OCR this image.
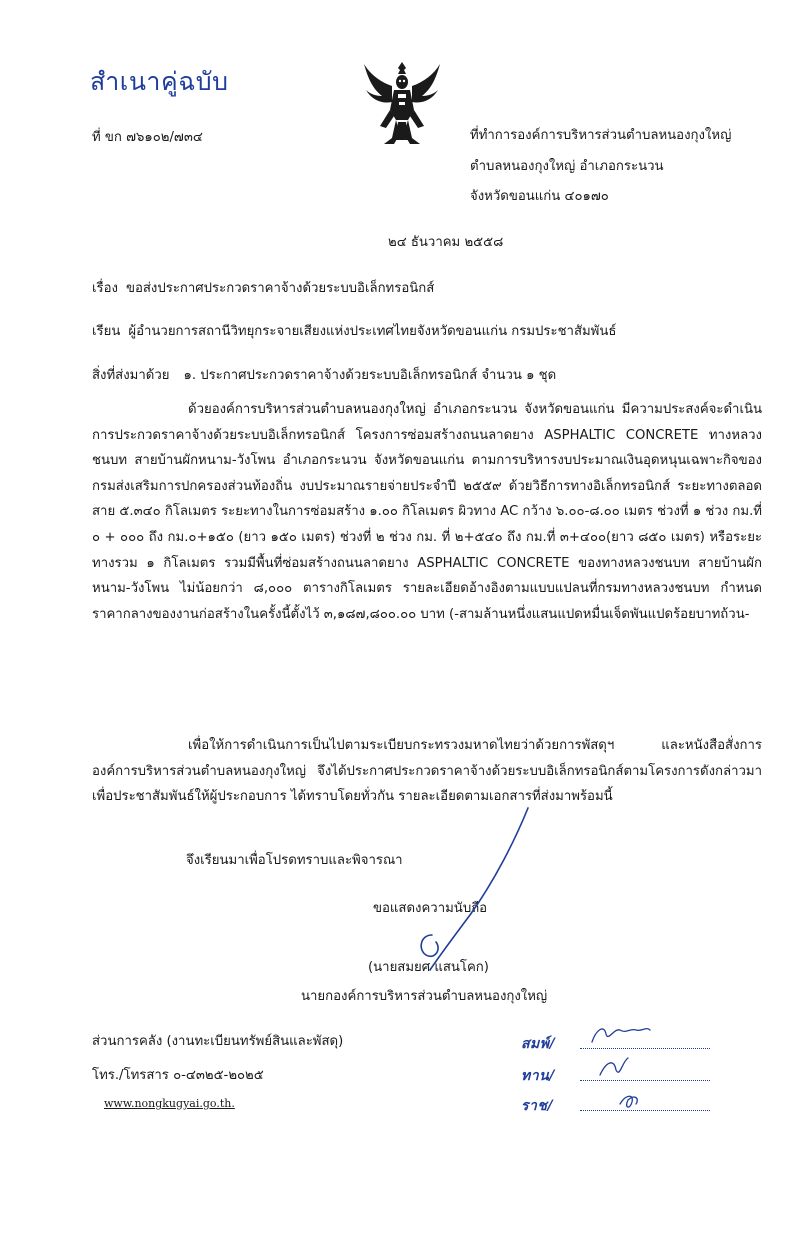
สำเนาคู่ฉบับ
ที่ ขก ๗๖๑๐๒/๗๓๔	ที่ทำการองค์การบริหารส่วนตำบลหนองกุงใหญ่
ตำบลหนองกุงใหญ่ อำเภอกระนวน
จังหวัดขอนแก่น ๔๐๑๗๐
๒๔ ธันวาคม ๒๕๕๘
เรื่อง ขอส่งประกาศประกวดราคาจ้างด้วยระบบอิเล็กทรอนิกส์
เรียน ผู้อำนวยการสถานีวิทยุกระจายเสียงแห่งประเทศไทยจังหวัดขอนแก่น กรมประชาสัมพันธ์
สิ่งที่ส่งมาด้วย ๑. ประกาศประกวดราคาจ้างด้วยระบบอิเล็กทรอนิกส์ จำนวน ๑ ชุด

ด้วยองค์การบริหารส่วนตำบลหนองกุงใหญ่ อำเภอกระนวน จังหวัดขอนแก่น มีความประสงค์จะดำเนินการประกวดราคาจ้างด้วยระบบอิเล็กทรอนิกส์ โครงการซ่อมสร้างถนนลาดยาง ASPHALTIC CONCRETE ทางหลวงชนบท สายบ้านผักหนาม-วังโพน อำเภอกระนวน จังหวัดขอนแก่น ตามการบริหารงบประมาณเงินอุดหนุนเฉพาะกิจของกรมส่งเสริมการปกครองส่วนท้องถิ่น งบประมาณรายจ่ายประจำปี ๒๕๕๙ ด้วยวิธีการทางอิเล็กทรอนิกส์ ระยะทางตลอดสาย ๕.๓๔๐ กิโลเมตร ระยะทางในการซ่อมสร้าง ๑.๐๐ กิโลเมตร ผิวทาง AC กว้าง ๖.๐๐-๘.๐๐ เมตร ช่วงที่ ๑ ช่วง กม.ที่ ๐ + ๐๐๐ ถึง กม.๐+๑๕๐ (ยาว ๑๕๐ เมตร) ช่วงที่ ๒ ช่วง กม. ที่ ๒+๕๔๐ ถึง กม.ที่ ๓+๔๐๐(ยาว ๘๕๐ เมตร) หรือระยะทางรวม ๑ กิโลเมตร รวมมีพื้นที่ซ่อมสร้างถนนลาดยาง ASPHALTIC CONCRETE ของทางหลวงชนบท สายบ้านผักหนาม-วังโพน ไม่น้อยกว่า ๘,๐๐๐ ตารางกิโลเมตร รายละเอียดอ้างอิงตามแบบแปลนที่กรมทางหลวงชนบท กำหนด ราคากลางของงานก่อสร้างในครั้งนี้ตั้งไว้ ๓,๑๘๗,๘๐๐.๐๐ บาท (-สามล้านหนึ่งแสนแปดหมื่นเจ็ดพันแปดร้อยบาทถ้วน-

เพื่อให้การดำเนินการเป็นไปตามระเบียบกระทรวงมหาดไทยว่าด้วยการพัสดุฯ และหนังสือสั่งการองค์การบริหารส่วนตำบลหนองกุงใหญ่ จึงได้ประกาศประกวดราคาจ้างด้วยระบบอิเล็กทรอนิกส์ตามโครงการดังกล่าวมาเพื่อประชาสัมพันธ์ให้ผู้ประกอบการ ได้ทราบโดยทั่วกัน รายละเอียดตามเอกสารที่ส่งมาพร้อมนี้

จึงเรียนมาเพื่อโปรดทราบและพิจารณา
ขอแสดงความนับถือ
(นายสมยศ แสนโคก)
นายกองค์การบริหารส่วนตำบลหนองกุงใหญ่
ส่วนการคลัง (งานทะเบียนทรัพย์สินและพัสดุ)
โทร./โทรสาร ๐-๔๓๒๕-๒๐๒๕
www.nongkugyai.go.th.
สมพ์/
ทาน/
ราช/
